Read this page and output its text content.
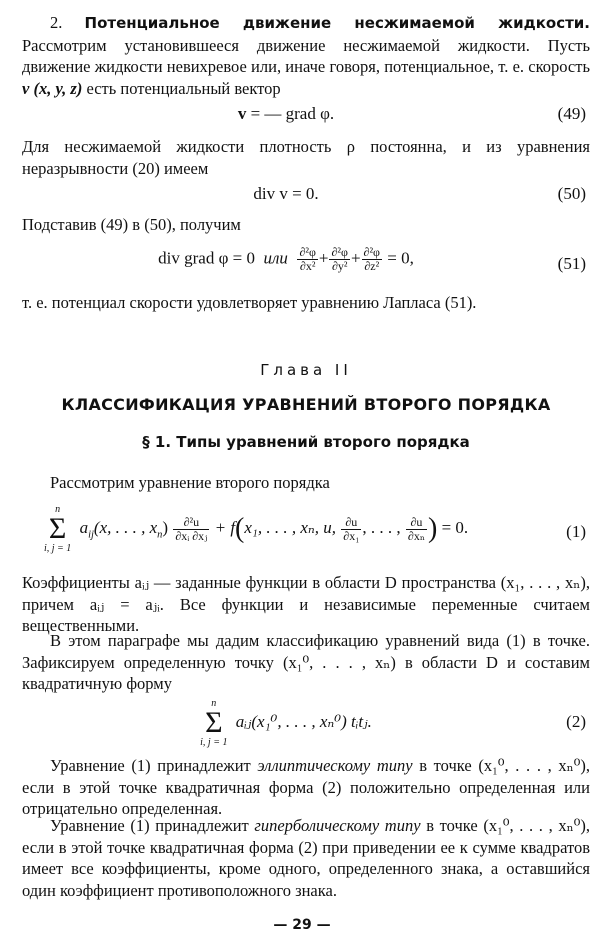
2. Потенциальное движение несжимаемой жидкости. Рассмотрим установившееся движение несжимаемой жидкости. Пусть движение жидкости невихревое или, иначе говоря, потенциальное, т. е. скорость v (x, y, z) есть потенциальный вектор
v = — grad φ.	(49)
Для несжимаемой жидкости плотность ρ постоянна, и из уравнения неразрывности (20) имеем
div v = 0.	(50)
Подставив (49) в (50), получим
div grad φ = 0 или $\frac{\text{∂²φ}}{\text{∂x²}} + \frac{\text{∂²φ}}{\text{∂y²}} + \frac{\text{∂²φ}}{\text{∂z²}} = 0$,	(51)
т. е. потенциал скорости удовлетворяет уравнению Лапласа (51).
Глава II
КЛАССИФИКАЦИЯ УРАВНЕНИЙ ВТОРОГО ПОРЯДКА
§ 1. Типы уравнений второго порядка
Рассмотрим уравнение второго порядка
n
Σ
i, j = 1
$a_{ij}(x$, . . . , $x_n) \frac{\text{∂²u}}{\text{∂xᵢ ∂xⱼ}} + f(x_1$, . . . , xₙ, u, $\frac{\partial u}{\text{∂x₁}}$ , . . . , $\frac{\partial u}{\text{∂xₙ}}$ ) = 0.	(1)
Коэффициенты aᵢⱼ — заданные функции в области D пространства (x₁, . . . , xₙ), причем aᵢⱼ = aⱼᵢ. Все функции и независимые переменные считаем вещественными.
В этом параграфе мы дадим классификацию уравнений вида (1) в точке. Зафиксируем определенную точку (x₁⁰, . . . , xₙ) в области D и составим квадратичную форму
n
Σ
i, j = 1
aᵢⱼ(x₁⁰, . . . , xₙ⁰) tᵢtⱼ.	(2)
Уравнение (1) принадлежит эллиптическому типу в точке (x₁⁰, . . . , xₙ⁰), если в этой точке квадратичная форма (2) положительно определенная или отрицательно определенная.
Уравнение (1) принадлежит гиперболическому типу в точке (x₁⁰, . . . , xₙ⁰), если в этой точке квадратичная форма (2) при приведении ее к сумме квадратов имеет все коэффициенты, кроме одного, определенного знака, а оставшийся один коэффициент противоположного знака.
— 29 —
